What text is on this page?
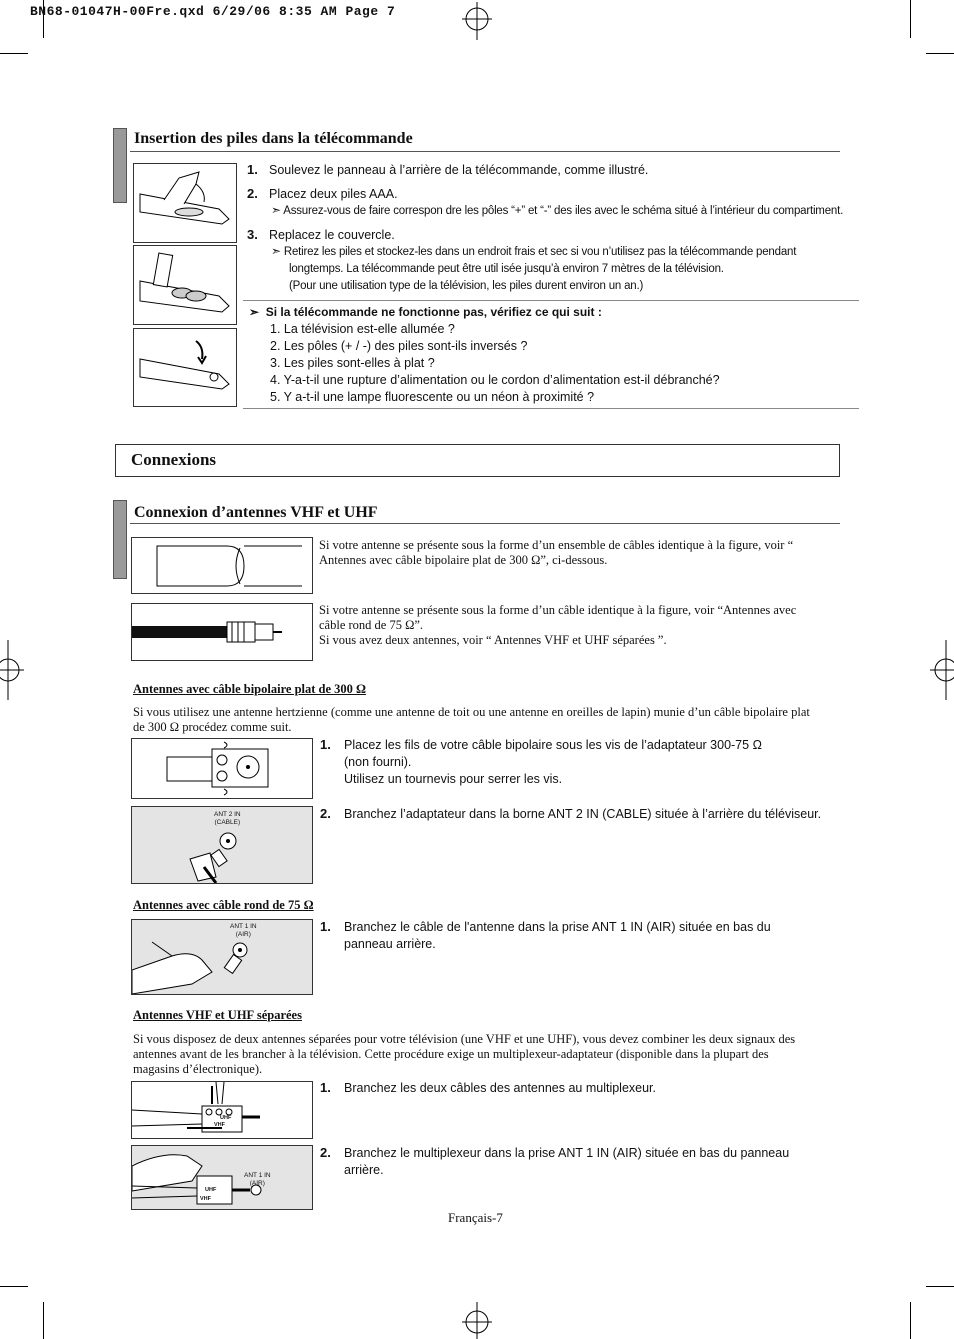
BN68-01047H-00Fre.qxd 6/29/06 8:35 AM Page 7
Insertion des piles dans la télécommande
1. Soulevez le panneau à l’arrière de la télécommande, comme illustré.
2. Placez deux piles AAA.
➣ Assurez-vous de faire correspon dre les pôles “+” et “-” des iles avec le schéma situé à l’intérieur du compartiment.
3. Replacez le couvercle.
➣ Retirez les piles et stockez-les dans un endroit frais et sec si vou n’utilisez pas la télécommande pendant
longtemps. La télécommande peut être util isée jusqu’à environ 7 mètres de la télévision.
(Pour une utilisation type de la télévision, les piles durent environ un an.)
➣ Si la télécommande ne fonctionne pas, vérifiez ce qui suit :
1. La télévision est-elle allumée ?
2. Les pôles (+ / -) des piles sont-ils inversés ?
3. Les piles sont-elles à plat ?
4. Y-a-t-il une rupture d’alimentation ou le cordon d’alimentation est-il débranché?
5. Y a-t-il une lampe fluorescente ou un néon à proximité ?
Connexions
Connexion d’antennes VHF et UHF
Si votre antenne se présente sous la forme d’un ensemble de câbles identique à la figure, voir “
Antennes avec câble bipolaire plat de 300 Ω”, ci-dessous.
Si votre antenne se présente sous la forme d’un câble identique à la figure, voir “Antennes avec
câble rond de 75 Ω”.
Si vous avez deux antennes, voir “ Antennes VHF et UHF séparées ”.
Antennes avec câble bipolaire plat de 300 Ω
Si vous utilisez une antenne hertzienne (comme une antenne de toit ou une antenne en oreilles de lapin) munie d’un câble bipolaire plat
de 300 Ω procédez comme suit.
1. Placez les fils de votre câble bipolaire sous les vis de l’adaptateur 300-75 Ω
(non fourni).
Utilisez un tournevis pour serrer les vis.
ANT 2 IN
(CABLE)
2. Branchez l’adaptateur dans la borne ANT 2 IN (CABLE) située à l’arrière du téléviseur.
Antennes avec câble rond de 75 Ω
ANT 1 IN
(AIR)
1. Branchez le câble de l'antenne dans la prise ANT 1 IN (AIR) située en bas du
panneau arrière.
Antennes VHF et UHF séparées
Si vous disposez de deux antennes séparées pour votre télévision (une VHF et une UHF), vous devez combiner les deux signaux des
antennes avant de les brancher à la télévision. Cette procédure exige un multiplexeur-adaptateur (disponible dans la plupart des
magasins d’électronique).
UHF
VHF
1. Branchez les deux câbles des antennes au multiplexeur.
ANT 1 IN
(AIR)
UHF
VHF
2. Branchez le multiplexeur dans la prise ANT 1 IN (AIR) située en bas du panneau
arrière.
Français-7
